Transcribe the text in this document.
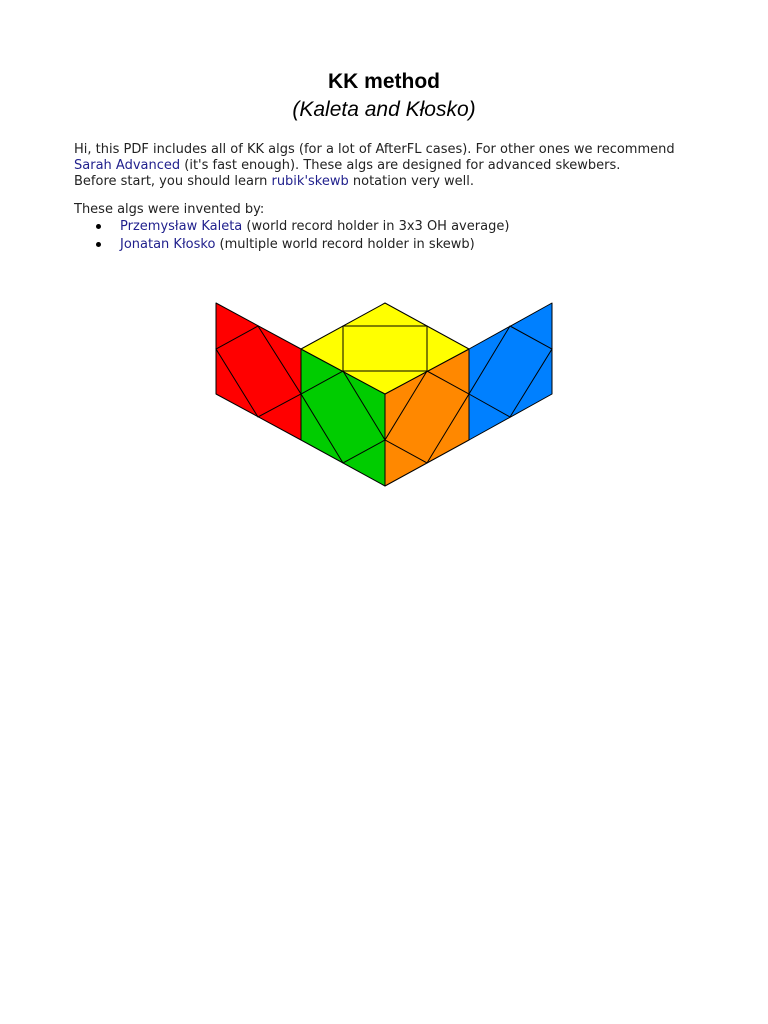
KK method
(Kaleta and Kłosko)
Hi, this PDF includes all of KK algs (for a lot of AfterFL cases). For other ones we recommend
Sarah Advanced (it's fast enough). These algs are designed for advanced skewbers.
Before start, you should learn rubik'skewb notation very well.
These algs were invented by:
Przemysław Kaleta (world record holder in 3x3 OH average)
Jonatan Kłosko (multiple world record holder in skewb)
